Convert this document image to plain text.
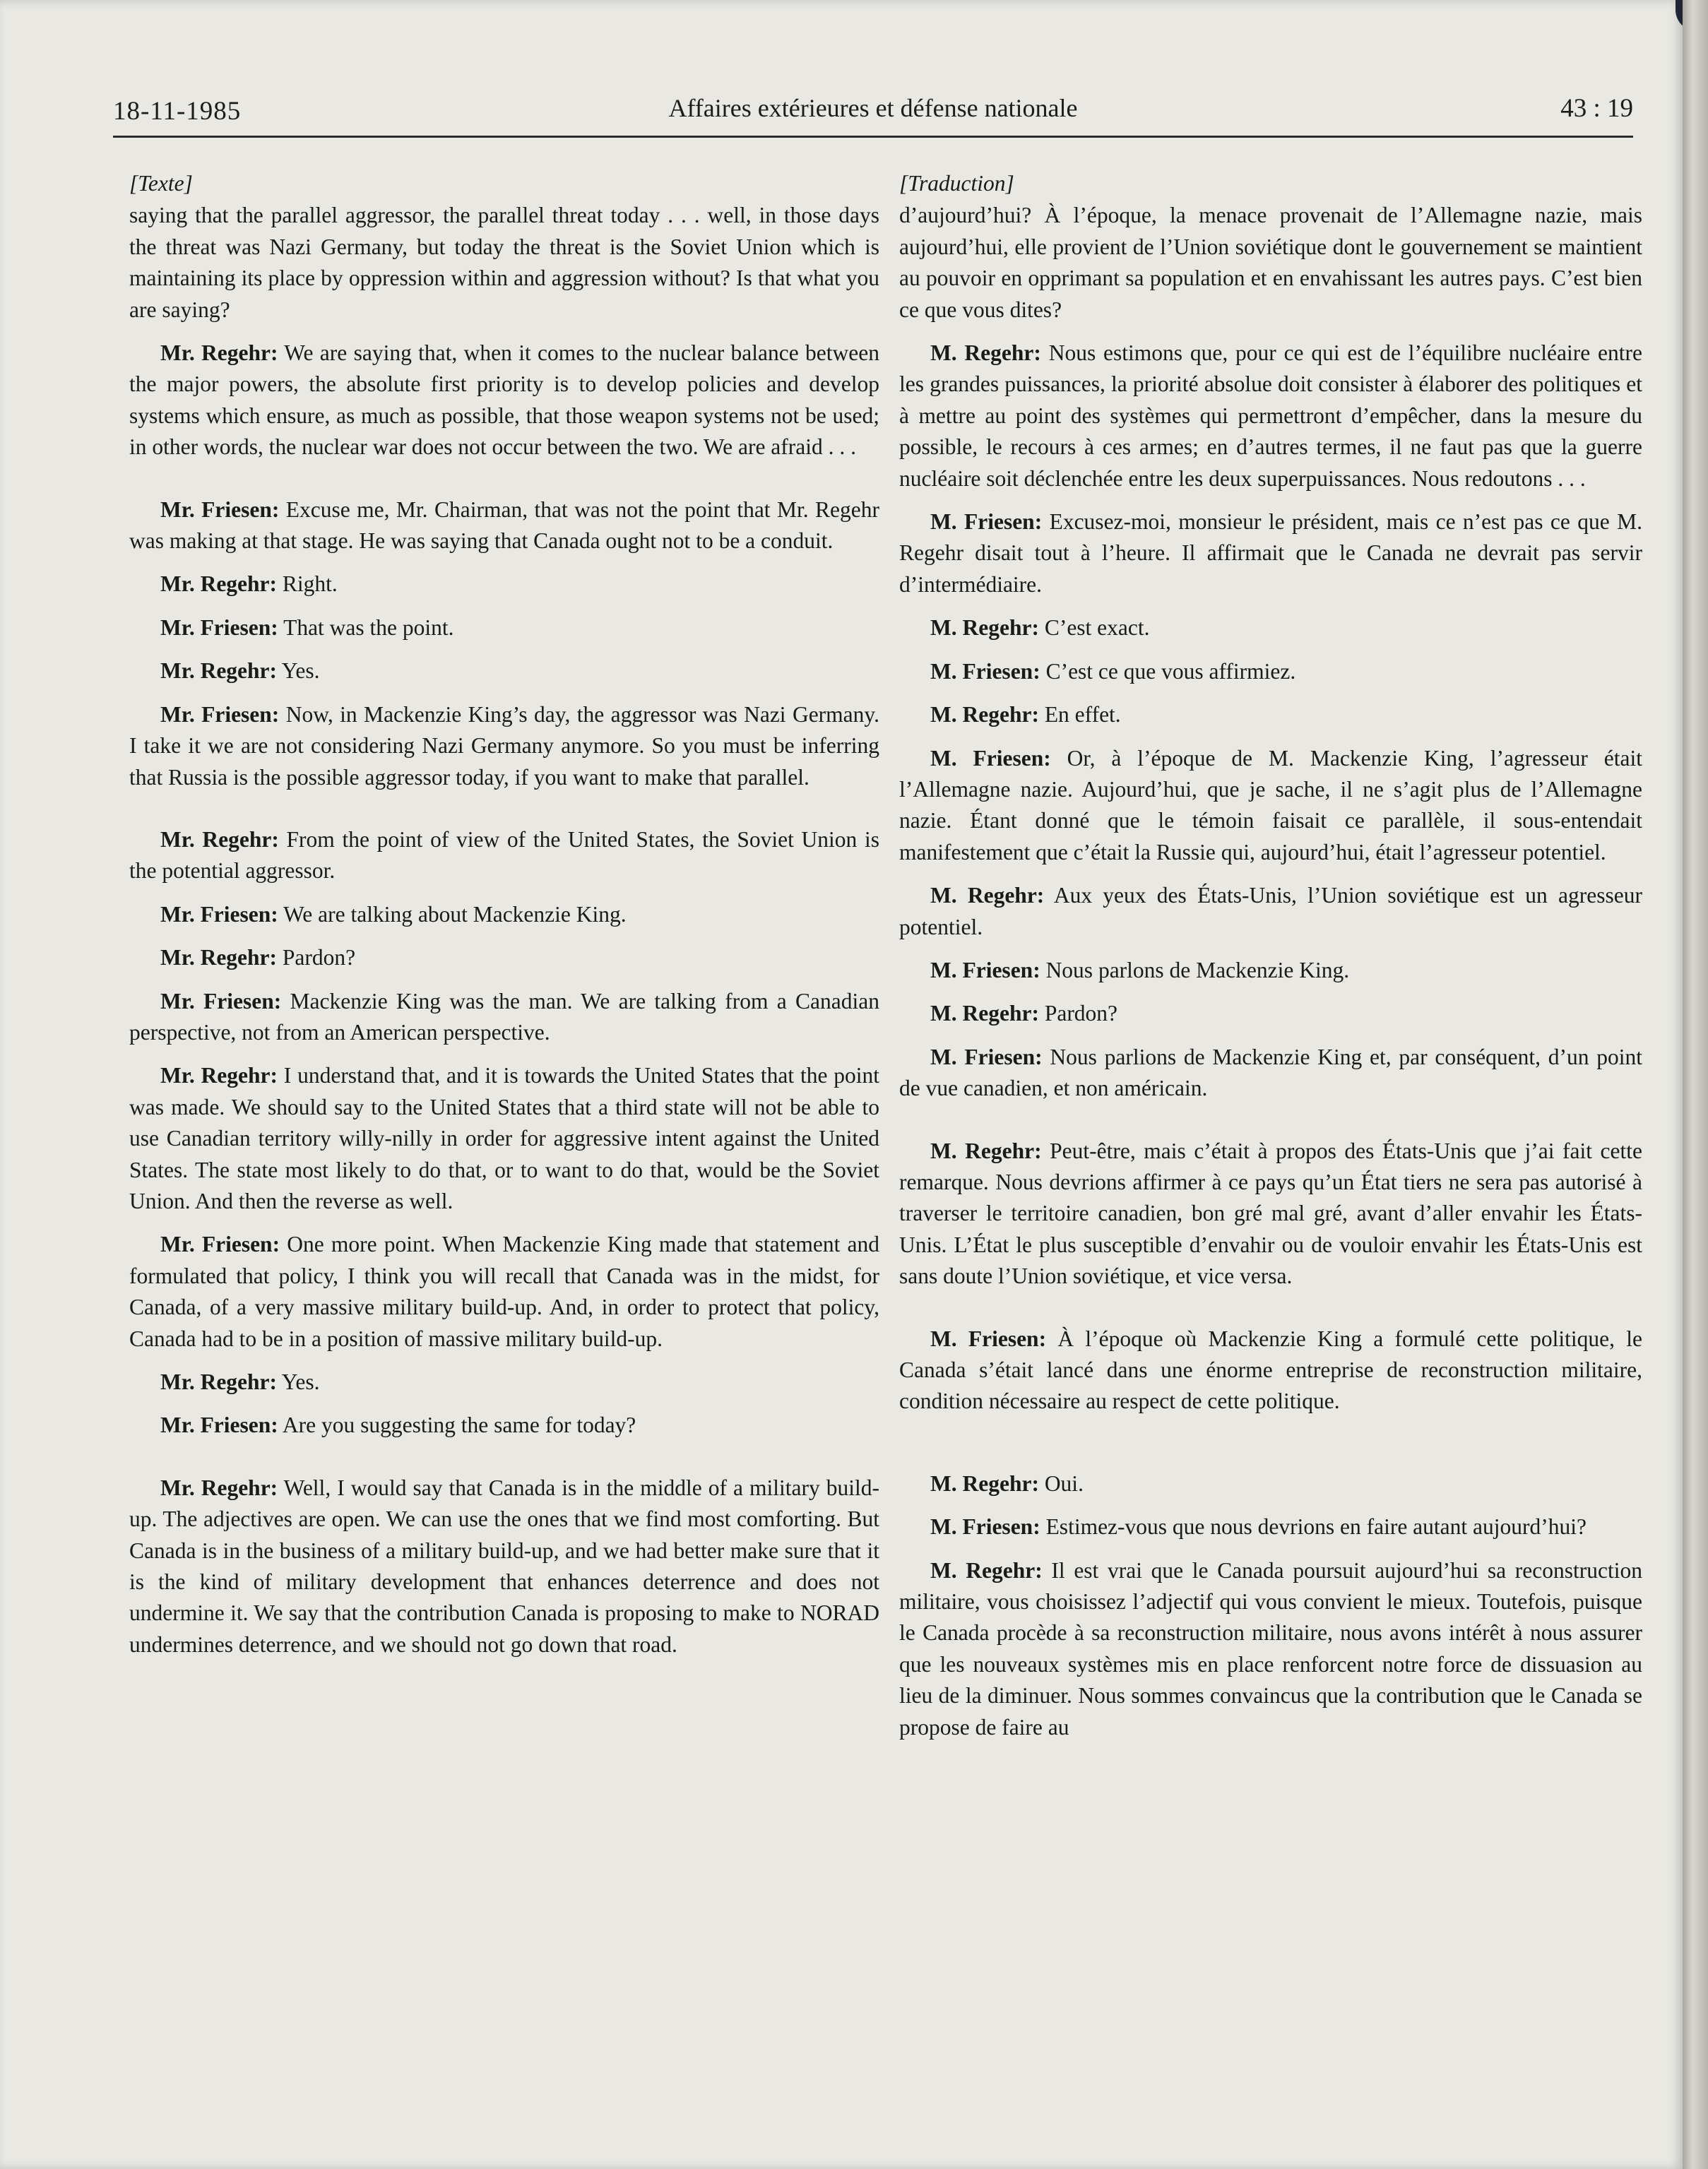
18-11-1985	Affaires extérieures et défense nationale	43 : 19
[Texte]

saying that the parallel aggressor, the parallel threat today . . . well, in those days the threat was Nazi Germany, but today the threat is the Soviet Union which is maintaining its place by oppression within and aggression without? Is that what you are saying?

Mr. Regehr: We are saying that, when it comes to the nuclear balance between the major powers, the absolute first priority is to develop policies and develop systems which ensure, as much as possible, that those weapon systems not be used; in other words, the nuclear war does not occur between the two. We are afraid . . .

Mr. Friesen: Excuse me, Mr. Chairman, that was not the point that Mr. Regehr was making at that stage. He was saying that Canada ought not to be a conduit.

Mr. Regehr: Right.

Mr. Friesen: That was the point.

Mr. Regehr: Yes.

Mr. Friesen: Now, in Mackenzie King’s day, the aggressor was Nazi Germany. I take it we are not considering Nazi Germany anymore. So you must be inferring that Russia is the possible aggressor today, if you want to make that parallel.

Mr. Regehr: From the point of view of the United States, the Soviet Union is the potential aggressor.

Mr. Friesen: We are talking about Mackenzie King.

Mr. Regehr: Pardon?

Mr. Friesen: Mackenzie King was the man. We are talking from a Canadian perspective, not from an American perspective.

Mr. Regehr: I understand that, and it is towards the United States that the point was made. We should say to the United States that a third state will not be able to use Canadian territory willy-nilly in order for aggressive intent against the United States. The state most likely to do that, or to want to do that, would be the Soviet Union. And then the reverse as well.

Mr. Friesen: One more point. When Mackenzie King made that statement and formulated that policy, I think you will recall that Canada was in the midst, for Canada, of a very massive military build-up. And, in order to protect that policy, Canada had to be in a position of massive military build-up.

Mr. Regehr: Yes.

Mr. Friesen: Are you suggesting the same for today?

Mr. Regehr: Well, I would say that Canada is in the middle of a military build-up. The adjectives are open. We can use the ones that we find most comforting. But Canada is in the business of a military build-up, and we had better make sure that it is the kind of military development that enhances deterrence and does not undermine it. We say that the contribution Canada is proposing to make to NORAD undermines deterrence, and we should not go down that road.

[Traduction]

d’aujourd’hui? À l’époque, la menace provenait de l’Allemagne nazie, mais aujourd’hui, elle provient de l’Union soviétique dont le gouvernement se maintient au pouvoir en opprimant sa population et en envahissant les autres pays. C’est bien ce que vous dites?

M. Regehr: Nous estimons que, pour ce qui est de l’équilibre nucléaire entre les grandes puissances, la priorité absolue doit consister à élaborer des politiques et à mettre au point des systèmes qui permettront d’empêcher, dans la mesure du possible, le recours à ces armes; en d’autres termes, il ne faut pas que la guerre nucléaire soit déclenchée entre les deux superpuissances. Nous redoutons . . .

M. Friesen: Excusez-moi, monsieur le président, mais ce n’est pas ce que M. Regehr disait tout à l’heure. Il affirmait que le Canada ne devrait pas servir d’intermédiaire.

M. Regehr: C’est exact.

M. Friesen: C’est ce que vous affirmiez.

M. Regehr: En effet.

M. Friesen: Or, à l’époque de M. Mackenzie King, l’agresseur était l’Allemagne nazie. Aujourd’hui, que je sache, il ne s’agit plus de l’Allemagne nazie. Étant donné que le témoin faisait ce parallèle, il sous-entendait manifestement que c’était la Russie qui, aujourd’hui, était l’agresseur potentiel.

M. Regehr: Aux yeux des États-Unis, l’Union soviétique est un agresseur potentiel.

M. Friesen: Nous parlons de Mackenzie King.

M. Regehr: Pardon?

M. Friesen: Nous parlions de Mackenzie King et, par conséquent, d’un point de vue canadien, et non américain.

M. Regehr: Peut-être, mais c’était à propos des États-Unis que j’ai fait cette remarque. Nous devrions affirmer à ce pays qu’un État tiers ne sera pas autorisé à traverser le territoire canadien, bon gré mal gré, avant d’aller envahir les États-Unis. L’État le plus susceptible d’envahir ou de vouloir envahir les États-Unis est sans doute l’Union soviétique, et vice versa.

M. Friesen: À l’époque où Mackenzie King a formulé cette politique, le Canada s’était lancé dans une énorme entreprise de reconstruction militaire, condition nécessaire au respect de cette politique.

M. Regehr: Oui.

M. Friesen: Estimez-vous que nous devrions en faire autant aujourd’hui?

M. Regehr: Il est vrai que le Canada poursuit aujourd’hui sa reconstruction militaire, vous choisissez l’adjectif qui vous convient le mieux. Toutefois, puisque le Canada procède à sa reconstruction militaire, nous avons intérêt à nous assurer que les nouveaux systèmes mis en place renforcent notre force de dissuasion au lieu de la diminuer. Nous sommes convaincus que la contribution que le Canada se propose de faire au
